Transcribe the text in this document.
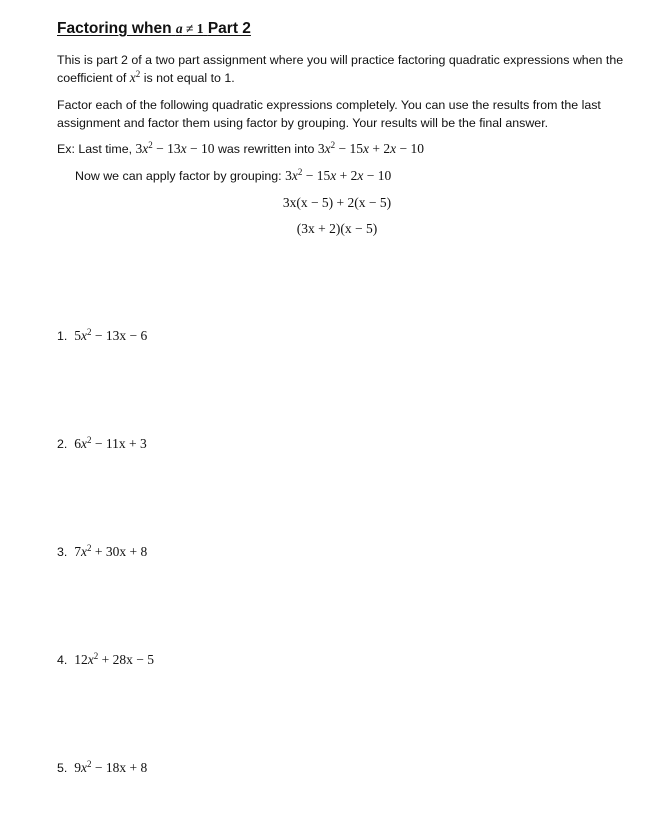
Factoring when a ≠ 1 Part 2
This is part 2 of a two part assignment where you will practice factoring quadratic expressions when the coefficient of $x^2$ is not equal to 1.
Factor each of the following quadratic expressions completely. You can use the results from the last assignment and factor them using factor by grouping. Your results will be the final answer.
Ex: Last time, $3x^2 - 13x - 10$ was rewritten into $3x^2 - 15x + 2x - 10$
Now we can apply factor by grouping: $3x^2 - 15x + 2x - 10$
3x(x − 5) + 2(x − 5)
(3x + 2)(x − 5)
1. $5x^2 - 13x - 6$
2. $6x^2 - 11x + 3$
3. $7x^2 + 30x + 8$
4. $12x^2 + 28x - 5$
5. $9x^2 - 18x + 8$
